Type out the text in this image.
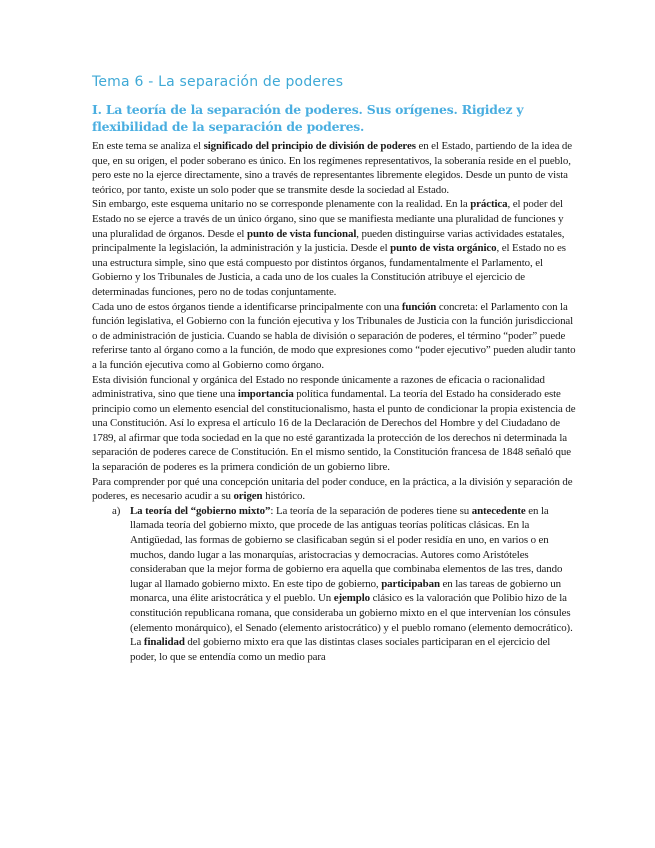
Tema 6 - La separación de poderes
I. La teoría de la separación de poderes. Sus orígenes. Rigidez y flexibilidad de la separación de poderes.

En este tema se analiza el significado del principio de división de poderes en el Estado, partiendo de la idea de que, en su origen, el poder soberano es único. En los regímenes representativos, la soberanía reside en el pueblo, pero este no la ejerce directamente, sino a través de representantes libremente elegidos. Desde un punto de vista teórico, por tanto, existe un solo poder que se transmite desde la sociedad al Estado.

Sin embargo, este esquema unitario no se corresponde plenamente con la realidad. En la práctica, el poder del Estado no se ejerce a través de un único órgano, sino que se manifiesta mediante una pluralidad de funciones y una pluralidad de órganos. Desde el punto de vista funcional, pueden distinguirse varias actividades estatales, principalmente la legislación, la administración y la justicia. Desde el punto de vista orgánico, el Estado no es una estructura simple, sino que está compuesto por distintos órganos, fundamentalmente el Parlamento, el Gobierno y los Tribunales de Justicia, a cada uno de los cuales la Constitución atribuye el ejercicio de determinadas funciones, pero no de todas conjuntamente.

Cada uno de estos órganos tiende a identificarse principalmente con una función concreta: el Parlamento con la función legislativa, el Gobierno con la función ejecutiva y los Tribunales de Justicia con la función jurisdiccional o de administración de justicia. Cuando se habla de división o separación de poderes, el término “poder” puede referirse tanto al órgano como a la función, de modo que expresiones como “poder ejecutivo” pueden aludir tanto a la función ejecutiva como al Gobierno como órgano.

Esta división funcional y orgánica del Estado no responde únicamente a razones de eficacia o racionalidad administrativa, sino que tiene una importancia política fundamental. La teoría del Estado ha considerado este principio como un elemento esencial del constitucionalismo, hasta el punto de condicionar la propia existencia de una Constitución. Así lo expresa el artículo 16 de la Declaración de Derechos del Hombre y del Ciudadano de 1789, al afirmar que toda sociedad en la que no esté garantizada la protección de los derechos ni determinada la separación de poderes carece de Constitución. En el mismo sentido, la Constitución francesa de 1848 señaló que la separación de poderes es la primera condición de un gobierno libre.

Para comprender por qué una concepción unitaria del poder conduce, en la práctica, a la división y separación de poderes, es necesario acudir a su origen histórico.

a) La teoría del “gobierno mixto”: La teoría de la separación de poderes tiene su antecedente en la llamada teoría del gobierno mixto, que procede de las antiguas teorías políticas clásicas. En la Antigüedad, las formas de gobierno se clasificaban según si el poder residía en uno, en varios o en muchos, dando lugar a las monarquías, aristocracias y democracias. Autores como Aristóteles consideraban que la mejor forma de gobierno era aquella que combinaba elementos de las tres, dando lugar al llamado gobierno mixto. En este tipo de gobierno, participaban en las tareas de gobierno un monarca, una élite aristocrática y el pueblo. Un ejemplo clásico es la valoración que Polibio hizo de la constitución republicana romana, que consideraba un gobierno mixto en el que intervenían los cónsules (elemento monárquico), el Senado (elemento aristocrático) y el pueblo romano (elemento democrático). La finalidad del gobierno mixto era que las distintas clases sociales participaran en el ejercicio del poder, lo que se entendía como un medio para
